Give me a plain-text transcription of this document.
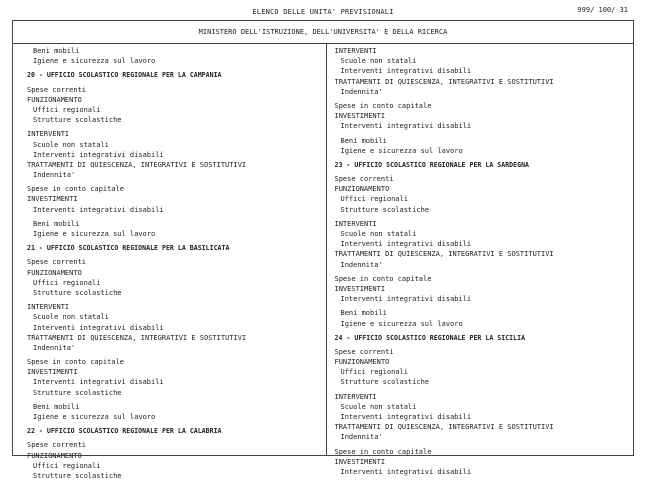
ELENCO DELLE UNITA' PREVISIONALI	999/ 100/ 31
MINISTERO DELL'ISTRUZIONE, DELL'UNIVERSITA' E DELLA RICERCA
Beni mobili
Igiene e sicurezza sul lavoro
20 - UFFICIO SCOLASTICO REGIONALE PER LA CAMPANIA
Spese correnti
FUNZIONAMENTO
Uffici regionali
Strutture scolastiche
INTERVENTI
Scuole non statali
Interventi integrativi disabili
TRATTAMENTI DI QUIESCENZA, INTEGRATIVI E SOSTITUTIVI
Indennita'
Spese in conto capitale
INVESTIMENTI
Interventi integrativi disabili
Beni mobili
Igiene e sicurezza sul lavoro
21 - UFFICIO SCOLASTICO REGIONALE PER LA BASILICATA
Spese correnti
FUNZIONAMENTO
Uffici regionali
Strutture scolastiche
INTERVENTI
Scuole non statali
Interventi integrativi disabili
TRATTAMENTI DI QUIESCENZA, INTEGRATIVI E SOSTITUTIVI
Indennita'
Spese in conto capitale
INVESTIMENTI
Interventi integrativi disabili
Strutture scolastiche
Beni mobili
Igiene e sicurezza sul lavoro
22 - UFFICIO SCOLASTICO REGIONALE PER LA CALABRIA
Spese correnti
FUNZIONAMENTO
Uffici regionali
Strutture scolastiche
INTERVENTI
Scuole non statali
Interventi integrativi disabili
TRATTAMENTI DI QUIESCENZA, INTEGRATIVI E SOSTITUTIVI
Indennita'
Spese in conto capitale
INVESTIMENTI
Interventi integrativi disabili
Beni mobili
Igiene e sicurezza sul lavoro
23 - UFFICIO SCOLASTICO REGIONALE PER LA SARDEGNA
Spese correnti
FUNZIONAMENTO
Uffici regionali
Strutture scolastiche
INTERVENTI
Scuole non statali
Interventi integrativi disabili
TRATTAMENTI DI QUIESCENZA, INTEGRATIVI E SOSTITUTIVI
Indennita'
Spese in conto capitale
INVESTIMENTI
Interventi integrativi disabili
Beni mobili
Igiene e sicurezza sul lavoro
24 - UFFICIO SCOLASTICO REGIONALE PER LA SICILIA
Spese correnti
FUNZIONAMENTO
Uffici regionali
Strutture scolastiche
INTERVENTI
Scuole non statali
Interventi integrativi disabili
TRATTAMENTI DI QUIESCENZA, INTEGRATIVI E SOSTITUTIVI
Indennita'
Spese in conto capitale
INVESTIMENTI
Interventi integrativi disabili
